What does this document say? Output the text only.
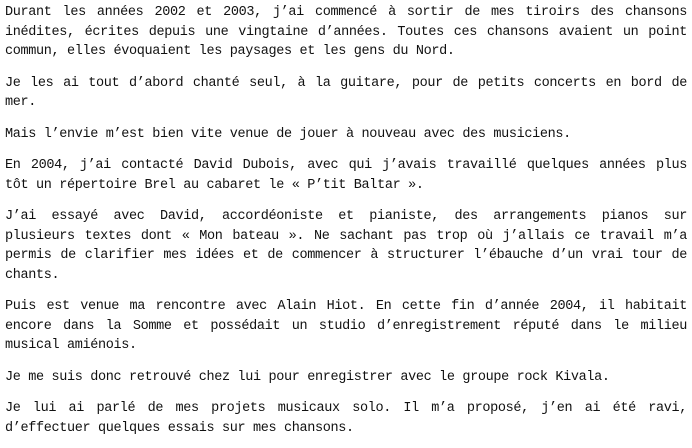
Durant les années 2002 et 2003, j’ai commencé à sortir de mes tiroirs des chansons inédites, écrites depuis une vingtaine d’années. Toutes ces chansons avaient un point commun, elles évoquaient les paysages et les gens du Nord.

Je les ai tout d’abord chanté seul, à la guitare, pour de petits concerts en bord de mer.

Mais l’envie m’est bien vite venue de jouer à nouveau avec des musiciens.

En 2004, j’ai contacté David Dubois, avec qui j’avais travaillé quelques années plus tôt un répertoire Brel au cabaret le « P’tit Baltar ».

J’ai essayé avec David, accordéoniste et pianiste, des arrangements pianos sur plusieurs textes dont « Mon bateau ». Ne sachant pas trop où j’allais ce travail m’a permis de clarifier mes idées et de commencer à structurer l’ébauche d’un vrai tour de chants.

Puis est venue ma rencontre avec Alain Hiot. En cette fin d’année 2004, il habitait encore dans la Somme et possédait un studio d’enregistrement réputé dans le milieu musical amiénois.

Je me suis donc retrouvé chez lui pour enregistrer avec le groupe rock Kivala.

Je lui ai parlé de mes projets musicaux solo. Il m’a proposé, j’en ai été ravi, d’effectuer quelques essais sur mes chansons.
